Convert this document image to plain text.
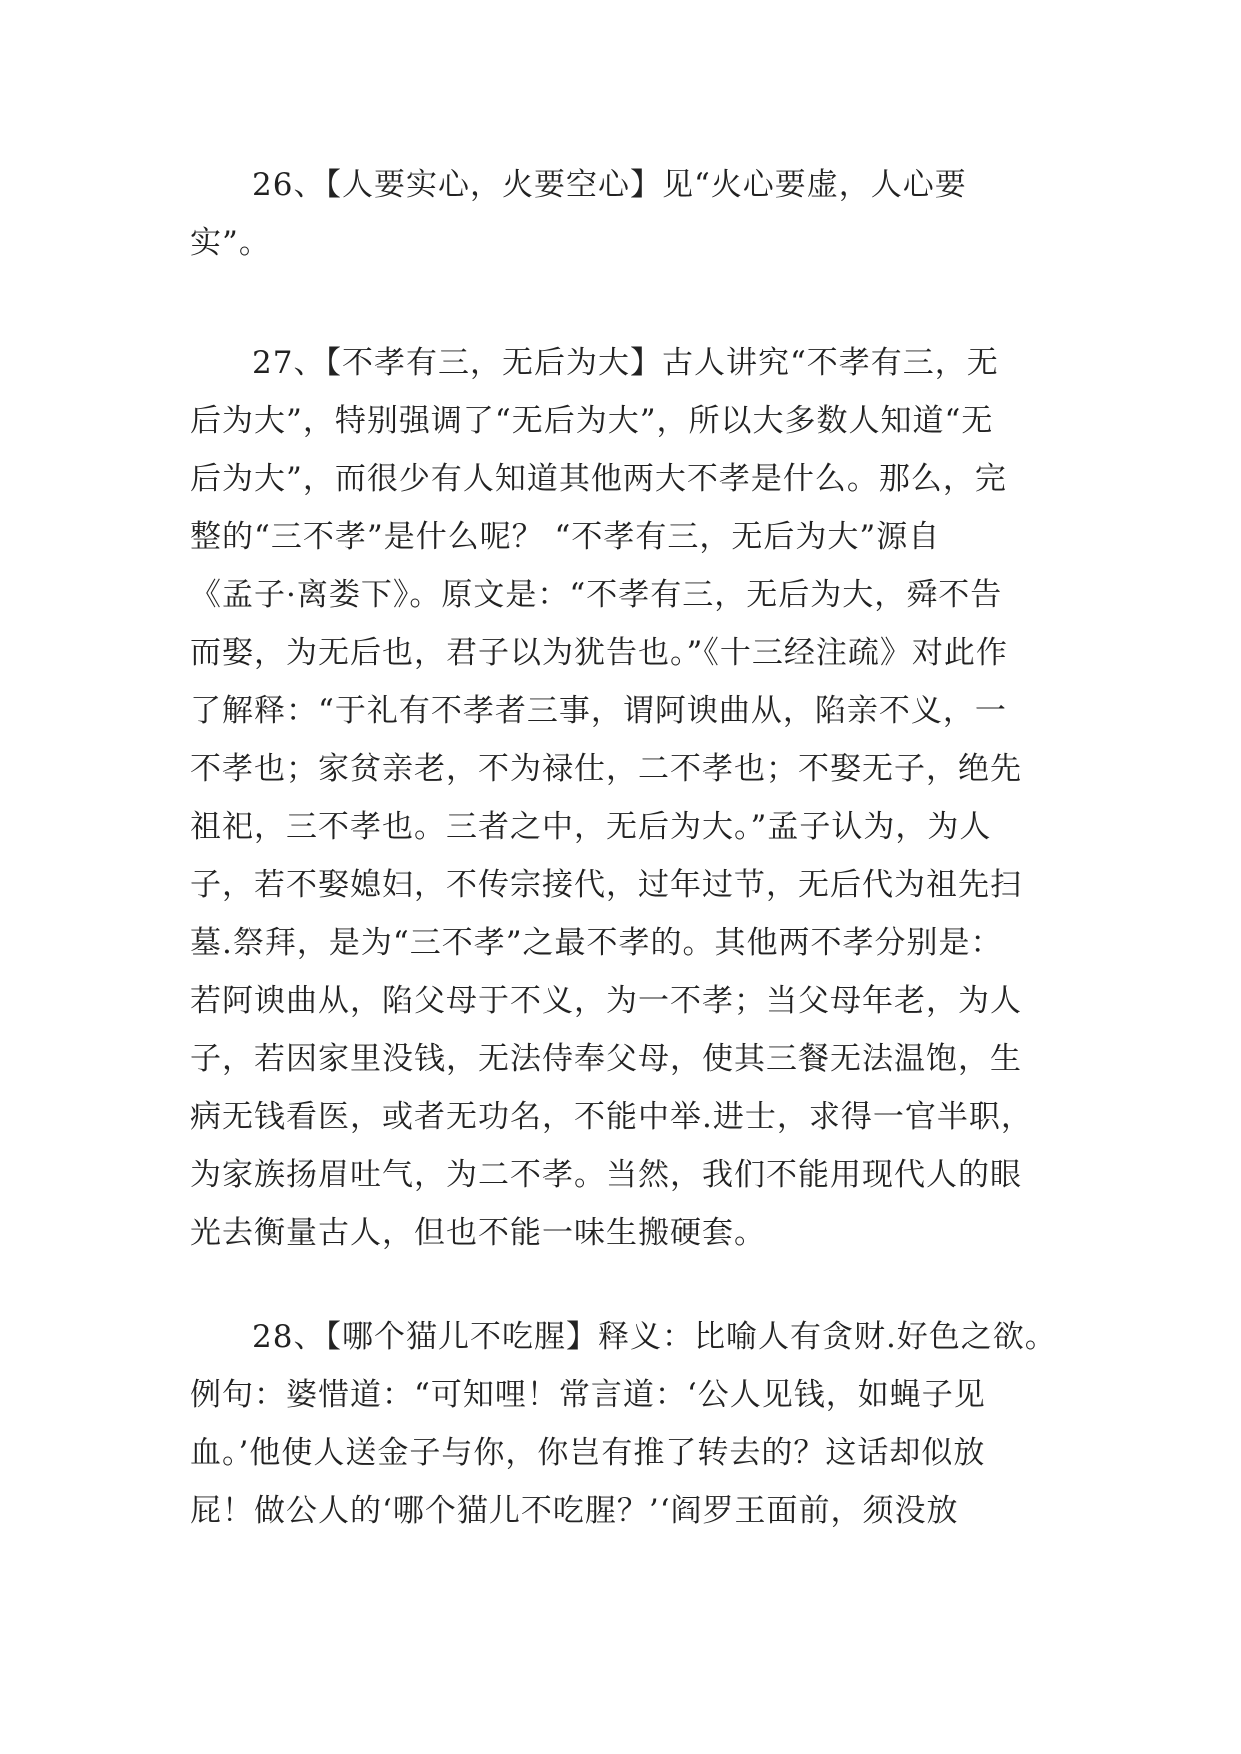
26、【人要实心，火要空心】见“火心要虚，人心要
实”。
27、【不孝有三，无后为大】古人讲究“不孝有三，无
后为大”，特别强调了“无后为大”，所以大多数人知道“无
后为大”，而很少有人知道其他两大不孝是什么。那么，完
整的“三不孝”是什么呢？ “不孝有三，无后为大”源自
《孟子·离娄下》。原文是：“不孝有三，无后为大，舜不告
而娶，为无后也，君子以为犹告也。”《十三经注疏》对此作
了解释：“于礼有不孝者三事，谓阿谀曲从，陷亲不义，一
不孝也；家贫亲老，不为禄仕，二不孝也；不娶无子，绝先
祖祀，三不孝也。三者之中，无后为大。”孟子认为，为人
子，若不娶媳妇，不传宗接代，过年过节，无后代为祖先扫
墓.祭拜，是为“三不孝”之最不孝的。其他两不孝分别是：
若阿谀曲从，陷父母于不义，为一不孝；当父母年老，为人
子，若因家里没钱，无法侍奉父母，使其三餐无法温饱，生
病无钱看医，或者无功名，不能中举.进士，求得一官半职，
为家族扬眉吐气，为二不孝。当然，我们不能用现代人的眼
光去衡量古人，但也不能一味生搬硬套。
28、【哪个猫儿不吃腥】释义：比喻人有贪财.好色之欲。
例句：婆惜道：“可知哩！常言道：‘公人见钱，如蝇子见
血。’他使人送金子与你，你岂有推了转去的？这话却似放
屁！做公人的‘哪个猫儿不吃腥？’‘阎罗王面前，须没放
